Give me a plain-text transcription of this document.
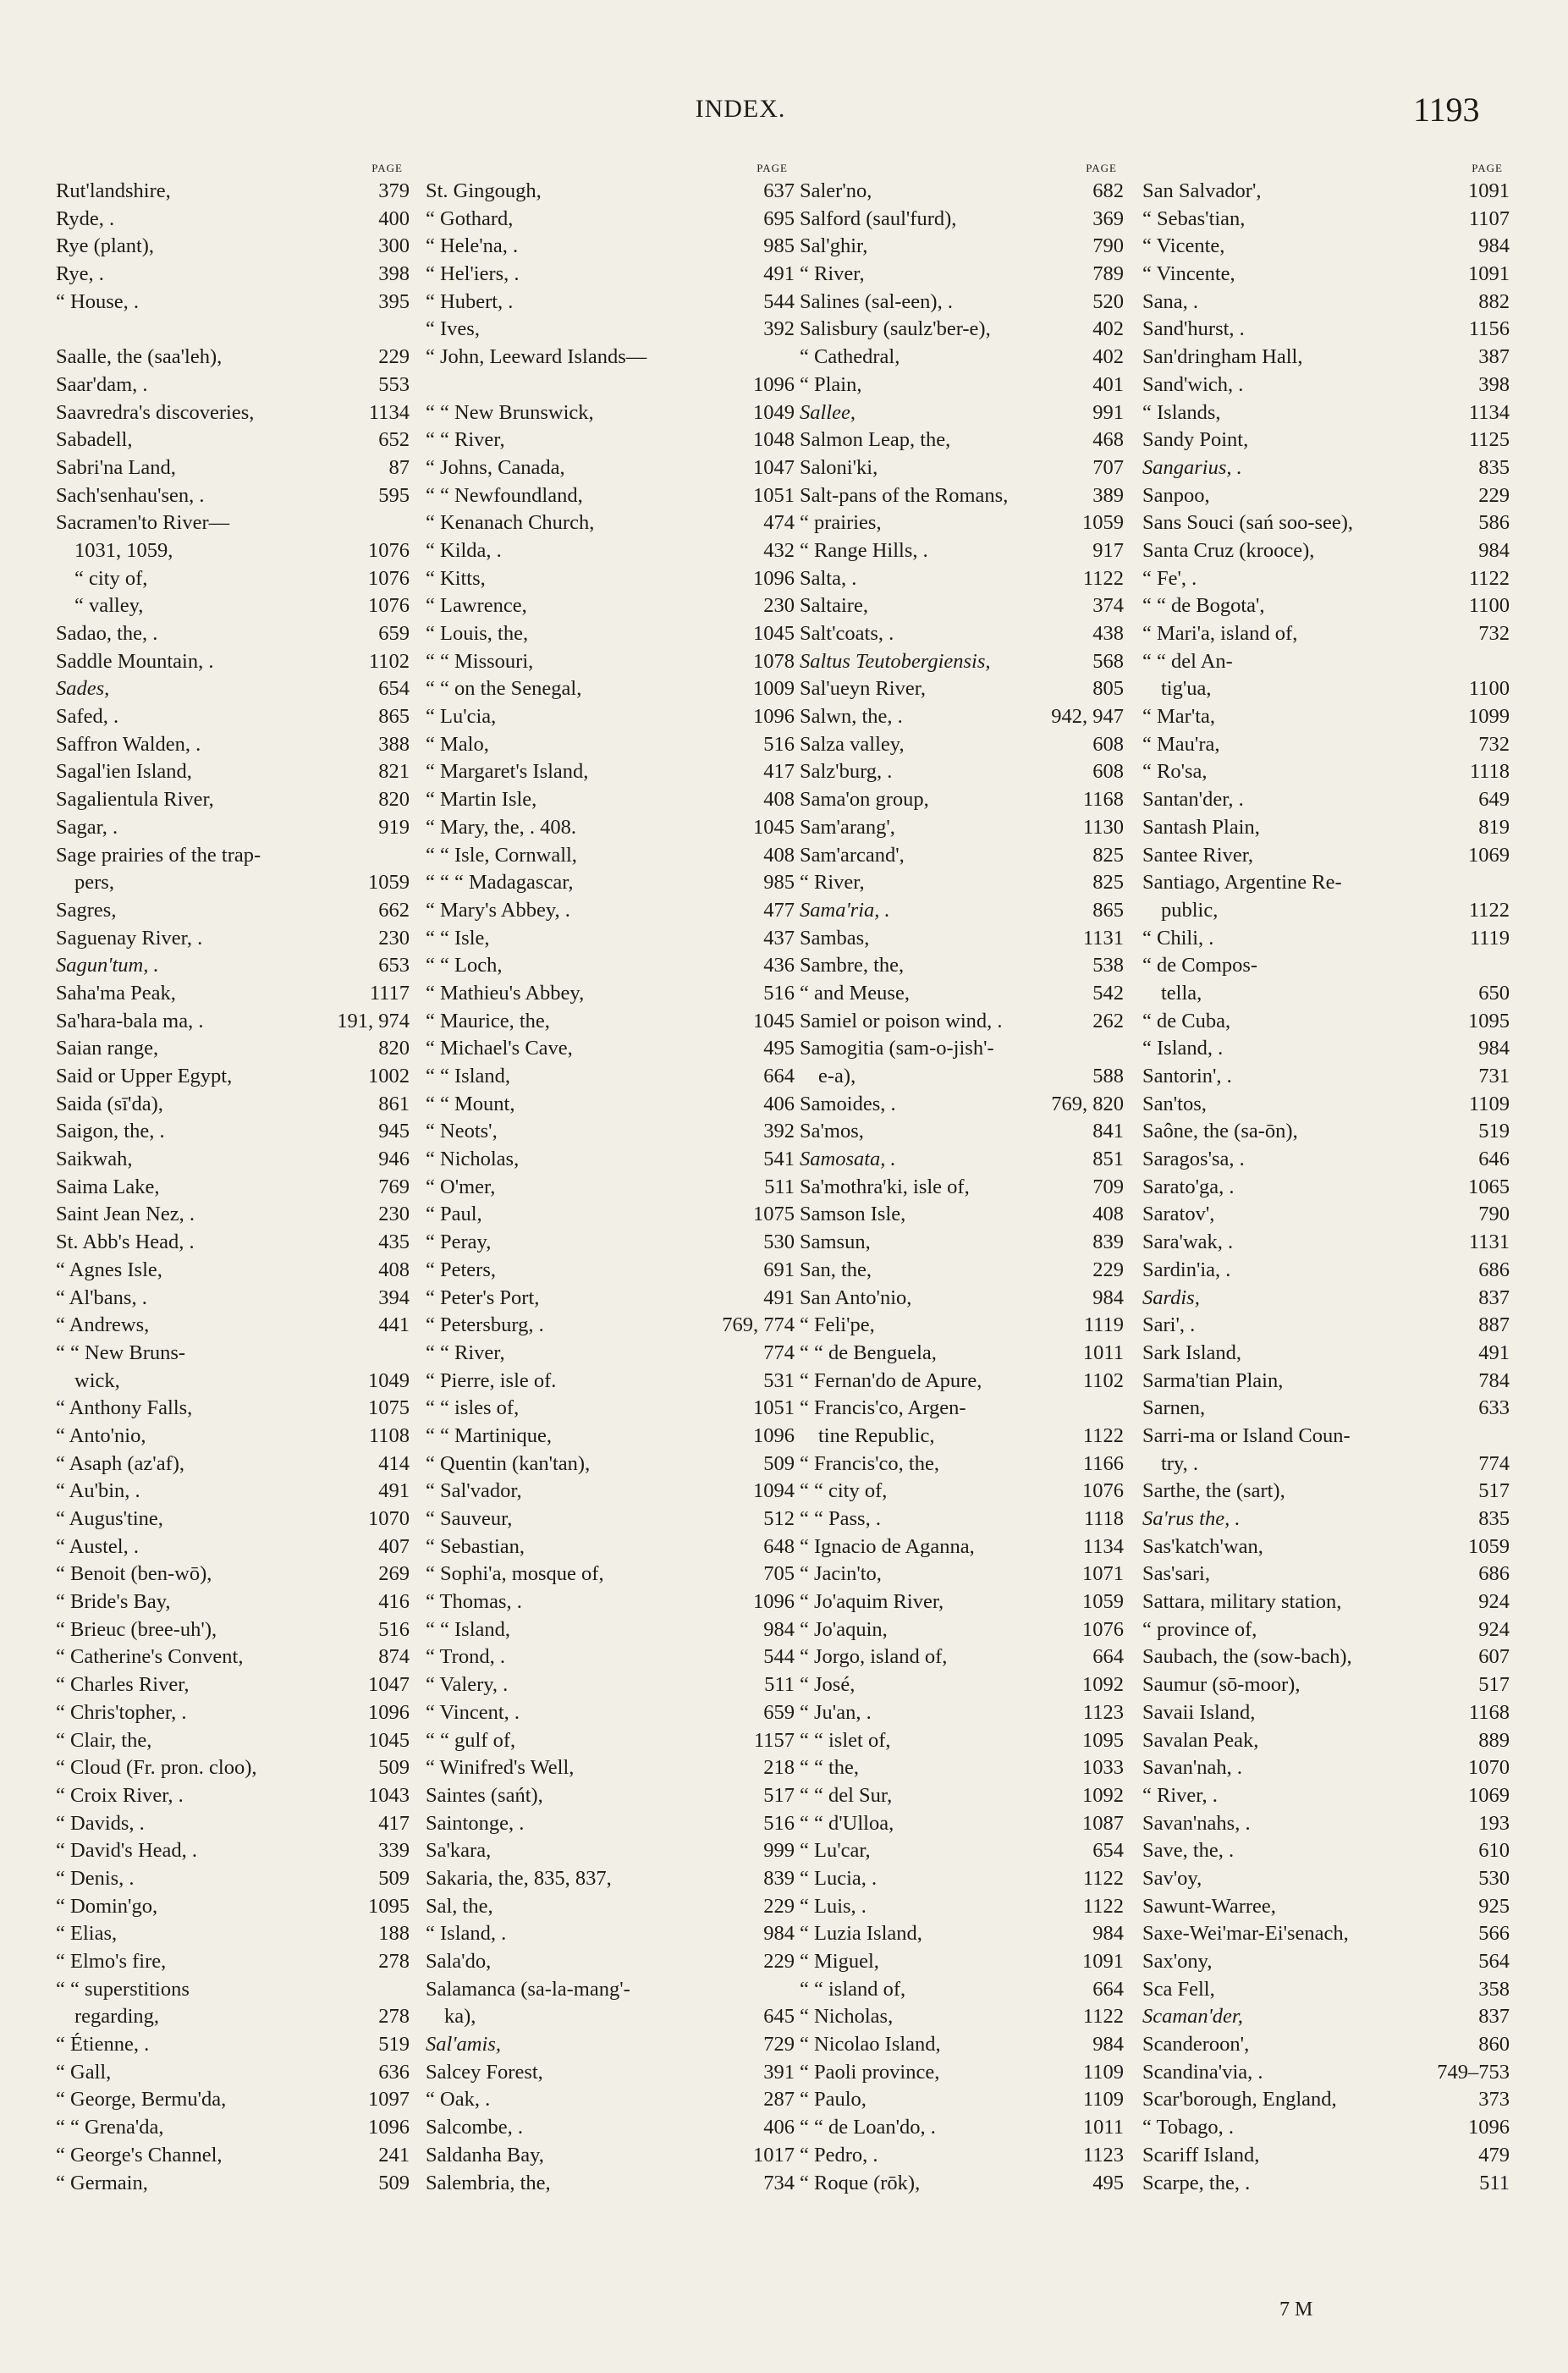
INDEX.	1193
PAGE
Rut'landshire,	379
Ryde, .	400
Rye (plant),	300
Rye, .	398
“ House, .	395
Saalle, the (saa'leh),	229
Saar'dam, .	553
Saavredra's discoveries,	1134
Sabadell,	652
Sabri'na Land,	87
Sach'senhau'sen, .	595
Sacramen'to River—
1031, 1059,	1076
“ city of,	1076
“ valley,	1076
Sadao, the, .	659
Saddle Mountain, .	1102
Sades,	654
Safed, .	865
Saffron Walden, .	388
Sagal'ien Island,	821
Sagalientula River,	820
Sagar, .	919
Sage prairies of the trap-
pers,	1059
Sagres,	662
Saguenay River, .	230
Sagun'tum, .	653
Saha'ma Peak,	1117
Sa'hara-bala ma, .	191, 974
Saian range,	820
Said or Upper Egypt,	1002
Saida (sī'da),	861
Saigon, the, .	945
Saikwah,	946
Saima Lake,	769
Saint Jean Nez, .	230
St. Abb's Head, .	435
“ Agnes Isle,	408
“ Al'bans, .	394
“ Andrews,	441
“ “ New Bruns-
wick,	1049
“ Anthony Falls,	1075
“ Anto'nio,	1108
“ Asaph (az'af),	414
“ Au'bin, .	491
“ Augus'tine,	1070
“ Austel, .	407
“ Benoit (ben-wō),	269
“ Bride's Bay,	416
“ Brieuc (bree-uh'),	516
“ Catherine's Convent,	874
“ Charles River,	1047
“ Chris'topher, .	1096
“ Clair, the,	1045
“ Cloud (Fr. pron. cloo),	509
“ Croix River, .	1043
“ Davids, .	417
“ David's Head, .	339
“ Denis, .	509
“ Domin'go,	1095
“ Elias,	188
“ Elmo's fire,	278
“ “ superstitions
regarding,	278
“ Étienne, .	519
“ Gall,	636
“ George, Bermu'da,	1097
“ “ Grena'da,	1096
“ George's Channel,	241
“ Germain,	509
PAGE
St. Gingough,	637
“ Gothard,	695
“ Hele'na, .	985
“ Hel'iers, .	491
“ Hubert, .	544
“ Ives,	392
“ John, Leeward Islands—
1096
“ “ New Brunswick,	1049
“ “ River,	1048
“ Johns, Canada,	1047
“ “ Newfoundland,	1051
“ Kenanach Church,	474
“ Kilda, .	432
“ Kitts,	1096
“ Lawrence,	230
“ Louis, the,	1045
“ “ Missouri,	1078
“ “ on the Senegal,	1009
“ Lu'cia,	1096
“ Malo,	516
“ Margaret's Island,	417
“ Martin Isle,	408
“ Mary, the, . 408.	1045
“ “ Isle, Cornwall,	408
“ “ “ Madagascar,	985
“ Mary's Abbey, .	477
“ “ Isle,	437
“ “ Loch,	436
“ Mathieu's Abbey,	516
“ Maurice, the,	1045
“ Michael's Cave,	495
“ “ Island,	664
“ “ Mount,	406
“ Neots',	392
“ Nicholas,	541
“ O'mer,	511
“ Paul,	1075
“ Peray,	530
“ Peters,	691
“ Peter's Port,	491
“ Petersburg, .	769, 774
“ “ River,	774
“ Pierre, isle of.	531
“ “ isles of,	1051
“ “ Martinique,	1096
“ Quentin (kan'tan),	509
“ Sal'vador,	1094
“ Sauveur,	512
“ Sebastian,	648
“ Sophi'a, mosque of,	705
“ Thomas, .	1096
“ “ Island,	984
“ Trond, .	544
“ Valery, .	511
“ Vincent, .	659
“ “ gulf of,	1157
“ Winifred's Well,	218
Saintes (sańt),	517
Saintonge, .	516
Sa'kara,	999
Sakaria, the, 835, 837,	839
Sal, the,	229
“ Island, .	984
Sala'do,	229
Salamanca (sa-la-mang'-
ka),	645
Sal'amis,	729
Salcey Forest,	391
“ Oak, .	287
Salcombe, .	406
Saldanha Bay,	1017
Salembria, the,	734
PAGE
Saler'no,	682
Salford (saul'furd),	369
Sal'ghir,	790
“ River,	789
Salines (sal-een), .	520
Salisbury (saulz'ber-e),	402
“ Cathedral,	402
“ Plain,	401
Sallee,	991
Salmon Leap, the,	468
Saloni'ki,	707
Salt-pans of the Romans,	389
“ prairies,	1059
“ Range Hills, .	917
Salta, .	1122
Saltaire,	374
Salt'coats, .	438
Saltus Teutobergiensis,	568
Sal'ueyn River,	805
Salwn, the, .	942, 947
Salza valley,	608
Salz'burg, .	608
Sama'on group,	1168
Sam'arang',	1130
Sam'arcand',	825
“ River,	825
Sama'ria, .	865
Sambas,	1131
Sambre, the,	538
“ and Meuse,	542
Samiel or poison wind, .	262
Samogitia (sam-o-jish'-
e-a),	588
Samoides, .	769, 820
Sa'mos,	841
Samosata, .	851
Sa'mothra'ki, isle of,	709
Samson Isle,	408
Samsun,	839
San, the,	229
San Anto'nio,	984
“ Feli'pe,	1119
“ “ de Benguela,	1011
“ Fernan'do de Apure,	1102
“ Francis'co, Argen-
tine Republic,	1122
“ Francis'co, the,	1166
“ “ city of,	1076
“ “ Pass, .	1118
“ Ignacio de Aganna,	1134
“ Jacin'to,	1071
“ Jo'aquim River,	1059
“ Jo'aquin,	1076
“ Jorgo, island of,	664
“ José,	1092
“ Ju'an, .	1123
“ “ islet of,	1095
“ “ the,	1033
“ “ del Sur,	1092
“ “ d'Ulloa,	1087
“ Lu'car,	654
“ Lucia, .	1122
“ Luis, .	1122
“ Luzia Island,	984
“ Miguel,	1091
“ “ island of,	664
“ Nicholas,	1122
“ Nicolao Island,	984
“ Paoli province,	1109
“ Paulo,	1109
“ “ de Loan'do, .	1011
“ Pedro, .	1123
“ Roque (rōk),	495
PAGE
San Salvador',	1091
“ Sebas'tian,	1107
“ Vicente,	984
“ Vincente,	1091
Sana, .	882
Sand'hurst, .	1156
San'dringham Hall,	387
Sand'wich, .	398
“ Islands,	1134
Sandy Point,	1125
Sangarius, .	835
Sanpoo,	229
Sans Souci (sań soo-see),	586
Santa Cruz (krooce),	984
“ Fe', .	1122
“ “ de Bogota',	1100
“ Mari'a, island of,	732
“ “ del An-
tig'ua,	1100
“ Mar'ta,	1099
“ Mau'ra,	732
“ Ro'sa,	1118
Santan'der, .	649
Santash Plain,	819
Santee River,	1069
Santiago, Argentine Re-
public,	1122
“ Chili, .	1119
“ de Compos-
tella,	650
“ de Cuba,	1095
“ Island, .	984
Santorin', .	731
San'tos,	1109
Saône, the (sa-ōn),	519
Saragos'sa, .	646
Sarato'ga, .	1065
Saratov',	790
Sara'wak, .	1131
Sardin'ia, .	686
Sardis,	837
Sari', .	887
Sark Island,	491
Sarma'tian Plain,	784
Sarnen,	633
Sarri-ma or Island Coun-
try, .	774
Sarthe, the (sart),	517
Sa'rus the, .	835
Sas'katch'wan,	1059
Sas'sari,	686
Sattara, military station,	924
“ province of,	924
Saubach, the (sow-bach),	607
Saumur (sō-moor),	517
Savaii Island,	1168
Savalan Peak,	889
Savan'nah, .	1070
“ River, .	1069
Savan'nahs, .	193
Save, the, .	610
Sav'oy,	530
Sawunt-Warree,	925
Saxe-Wei'mar-Ei'senach,	566
Sax'ony,	564
Sca Fell,	358
Scaman'der,	837
Scanderoon',	860
Scandina'via, .	749–753
Scar'borough, England,	373
“ Tobago, .	1096
Scariff Island,	479
Scarpe, the, .	511
7 M
